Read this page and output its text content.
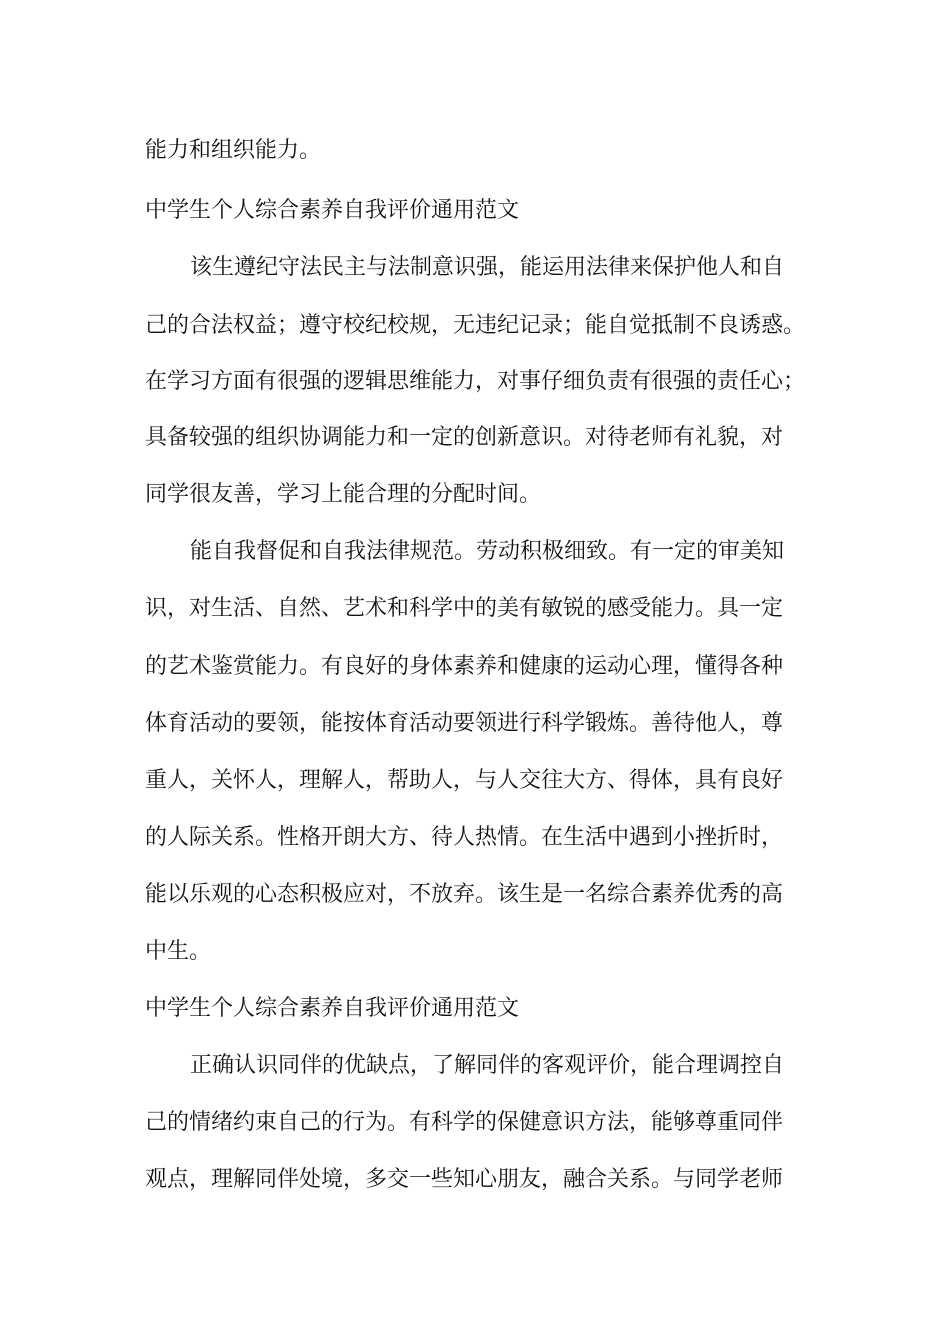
能力和组织能力。
中学生个人综合素养自我评价通用范文
该生遵纪守法民主与法制意识强，能运用法律来保护他人和自
己的合法权益；遵守校纪校规，无违纪记录；能自觉抵制不良诱惑。
在学习方面有很强的逻辑思维能力，对事仔细负责有很强的责任心；
具备较强的组织协调能力和一定的创新意识。对待老师有礼貌，对
同学很友善，学习上能合理的分配时间。
能自我督促和自我法律规范。劳动积极细致。有一定的审美知
识，对生活、自然、艺术和科学中的美有敏锐的感受能力。具一定
的艺术鉴赏能力。有良好的身体素养和健康的运动心理，懂得各种
体育活动的要领，能按体育活动要领进行科学锻炼。善待他人，尊
重人，关怀人，理解人，帮助人，与人交往大方、得体，具有良好
的人际关系。性格开朗大方、待人热情。在生活中遇到小挫折时，
能以乐观的心态积极应对，不放弃。该生是一名综合素养优秀的高
中生。
中学生个人综合素养自我评价通用范文
正确认识同伴的优缺点，了解同伴的客观评价，能合理调控自
己的情绪约束自己的行为。有科学的保健意识方法，能够尊重同伴
观点，理解同伴处境，多交一些知心朋友，融合关系。与同学老师
